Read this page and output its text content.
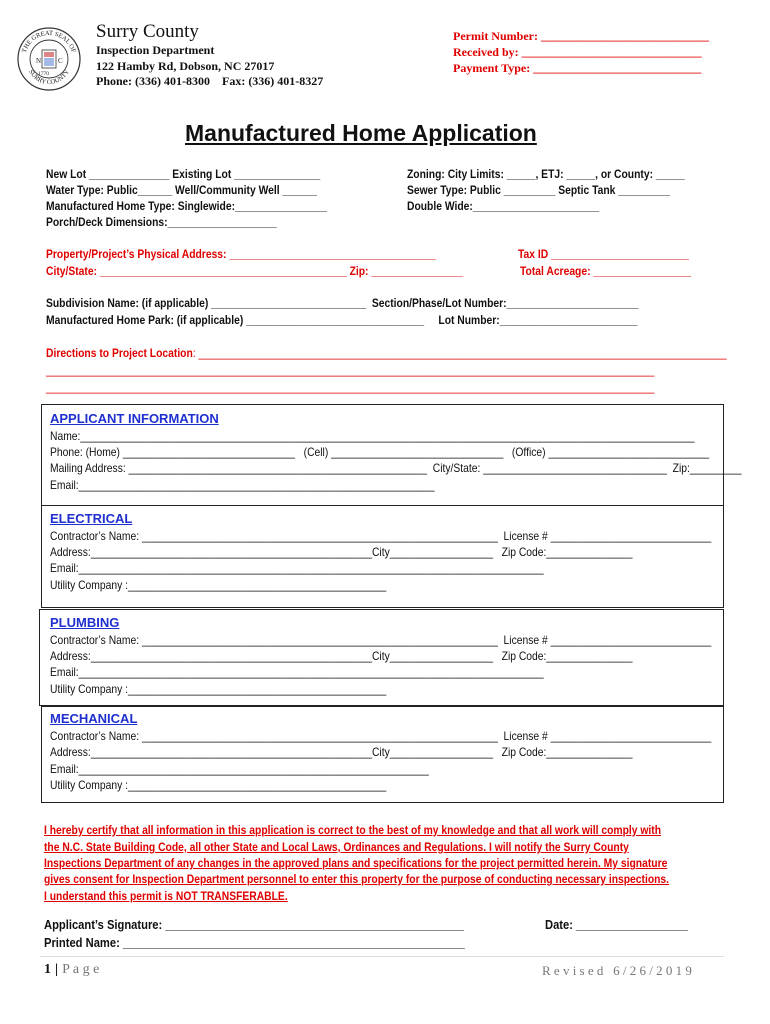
THE GREAT SEAL OF
SURRY COUNTY
N C
1770
Surry County
Inspection Department
122 Hamby Rd, Dobson, NC 27017
Phone: (336) 401-8300    Fax: (336) 401-8327
Permit Number: ____________________________
Received by: ______________________________
Payment Type: ____________________________
Manufactured Home Application
New Lot ______________ Existing Lot _______________
Water Type: Public______ Well/Community Well ______
Manufactured Home Type: Singlewide:________________
Porch/Deck Dimensions:___________________
Zoning: City Limits: _____, ETJ: _____, or County: _____
Sewer Type: Public _________ Septic Tank _________
Double Wide:______________________
Property/Project’s Physical Address: ____________________________________	Tax ID ________________________
City/State: ___________________________________________ Zip: ________________	Total Acreage: _________________
Subdivision Name: (if applicable) ___________________________  Section/Phase/Lot Number:_______________________
Manufactured Home Park: (if applicable) _______________________________     Lot Number:________________________
Directions to Project Location: ____________________________________________________________________________________________
__________________________________________________________________________________________________________
__________________________________________________________________________________________________________
APPLICANT INFORMATION
Name:___________________________________________________________________________________________________________
Phone: (Home) ______________________________   (Cell) ______________________________   (Office) ____________________________
Mailing Address: ____________________________________________________  City/State: ________________________________  Zip:_________
Email:______________________________________________________________
ELECTRICAL
Contractor’s Name: ______________________________________________________________  License # ____________________________
Address:_________________________________________________City__________________   Zip Code:_______________
Email:_________________________________________________________________________________
Utility Company :_____________________________________________
PLUMBING
Contractor’s Name: ______________________________________________________________  License # ____________________________
Address:_________________________________________________City__________________   Zip Code:_______________
Email:_________________________________________________________________________________
Utility Company :_____________________________________________
MECHANICAL
Contractor’s Name: ______________________________________________________________  License # ____________________________
Address:_________________________________________________City__________________   Zip Code:_______________
Email:_____________________________________________________________
Utility Company :_____________________________________________
I hereby certify that all information in this application is correct to the best of my knowledge and that all work will comply with
the N.C. State Building Code, all other State and Local Laws, Ordinances and Regulations. I will notify the Surry County
Inspections Department of any changes in the approved plans and specifications for the project permitted herein. My signature
gives consent for Inspection Department personnel to enter this property for the purpose of conducting necessary inspections.
I understand this permit is NOT TRANSFERABLE.
Applicant’s Signature: ________________________________________________	Date: __________________
Printed Name: _______________________________________________________
1 | P a g e	R e v i s e d   6 / 2 6 / 2 0 1 9
